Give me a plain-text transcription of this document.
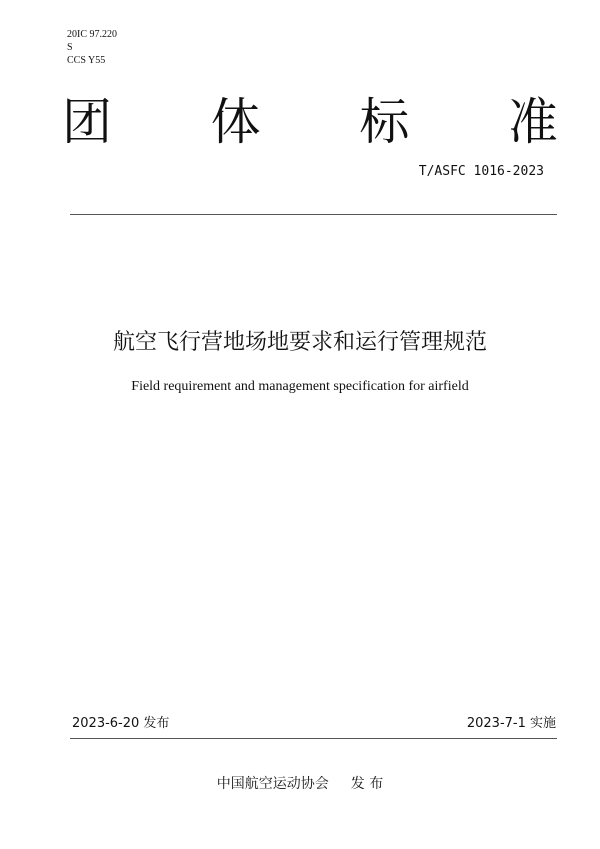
20IC 97.220
S
CCS Y55
团 体 标 准
T/ASFC 1016-2023
航空飞行营地场地要求和运行管理规范
Field requirement and management specification for airfield
2023-6-20 发布	2023-7-1 实施
中国航空运动协会 发 布
